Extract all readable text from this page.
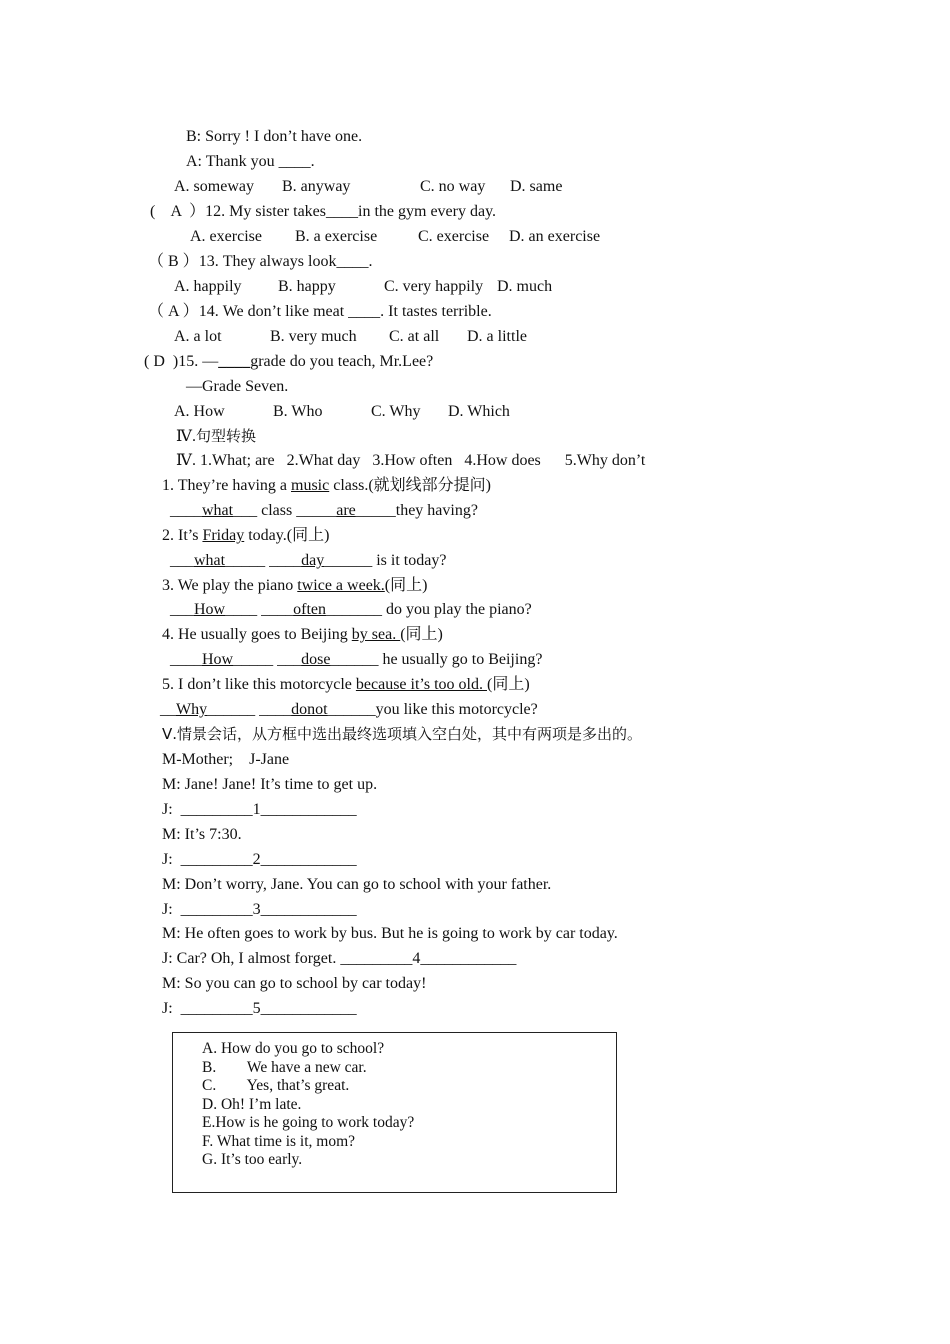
B: Sorry ! I don’t have one.
A: Thank you ____.

A. someway

B. anyway

	C. no way

D. same

(    A  ）12. My sister takes____in the gym every day.

A. exercise

B. a exercise

	C. exercise

D. an exercise

（ B ）13. They always look____.

A. happily

B. happy

	C. very happily

D. much

（ A ）14. We don’t like meat ____. It tastes terrible.

A. a lot

	B. very much

C. at all

D. a little

( D  )15. —____grade do you teach, Mr.Lee?
—Grade Seven.

A. How

	B. Who

	C. Why

D. Which

Ⅳ.句型转换
Ⅳ. 1.What; are   2.What day   3.How often   4.How does      5.Why don’t
1. They’re having a music class.(就划线部分提问)
____what___ class _____are_____they having?
2. It’s Friday today.(同上)
___what_____ ____day______ is it today?
3. We play the piano twice a week.(同上)
___How____ ____often_______ do you play the piano?
4. He usually goes to Beijing by sea. (同上)
____How_____ ___dose______ he usually go to Beijing?
5. I don’t like this motorcycle because it’s too old. (同上)
__Why______ ____donot______you like this motorcycle?
Ⅴ.情景会话，从方框中选出最终选项填入空白处，其中有两项是多出的。
M-Mother;    J-Jane
M: Jane! Jane! It’s time to get up.
J:  _________1____________
M: It’s 7:30.
J:  _________2____________
M: Don’t worry, Jane. You can go to school with your father.
J:  _________3____________
M: He often goes to work by bus. But he is going to work by car today.
J: Car? Oh, I almost forget. _________4____________
M: So you can go to school by car today!
J:  _________5____________
A. How do you go to school?
B.        We have a new car.
C.        Yes, that’s great.
D. Oh! I’m late.
E.How is he going to work today?
F. What time is it, mom?
G. It’s too early.
